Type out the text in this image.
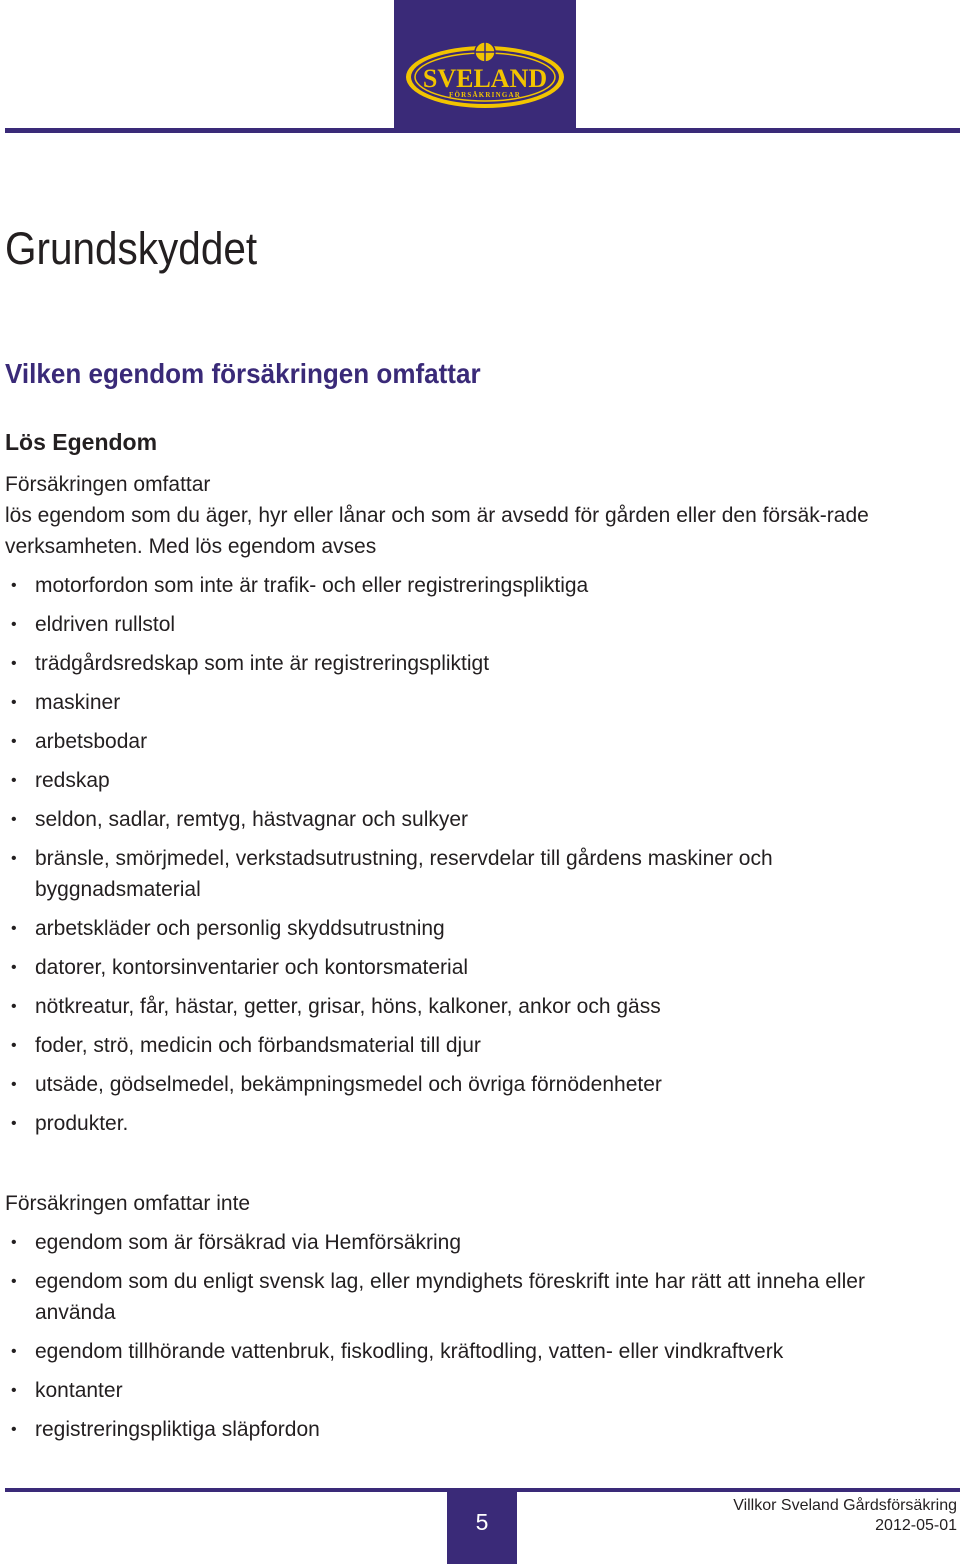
SVELAND
FÖRSÄKRINGAR
Grundskyddet
Vilken egendom försäkringen omfattar
Lös Egendom

Försäkringen omfattar

lös egendom som du äger, hyr eller lånar och som är avsedd för gården eller den försäk-rade verksamheten. Med lös egendom avses

• motorfordon som inte är trafik- och eller registreringspliktiga
• eldriven rullstol
• trädgårdsredskap som inte är registreringspliktigt
• maskiner
• arbetsbodar
• redskap
• seldon, sadlar, remtyg, hästvagnar och sulkyer
• bränsle, smörjmedel, verkstadsutrustning, reservdelar till gårdens maskiner och byggnadsmaterial
• arbetskläder och personlig skyddsutrustning
• datorer, kontorsinventarier och kontorsmaterial
• nötkreatur, får, hästar, getter, grisar, höns, kalkoner, ankor och gäss
• foder, strö, medicin och förbandsmaterial till djur
• utsäde, gödselmedel, bekämpningsmedel och övriga förnödenheter
• produkter.

Försäkringen omfattar inte

• egendom som är försäkrad via Hemförsäkring
• egendom som du enligt svensk lag, eller myndighets föreskrift inte har rätt att inneha eller använda
• egendom tillhörande vattenbruk, fiskodling, kräftodling, vatten- eller vindkraftverk
• kontanter
• registreringspliktiga släpfordon
5
Villkor Sveland Gårdsförsäkring
2012-05-01
